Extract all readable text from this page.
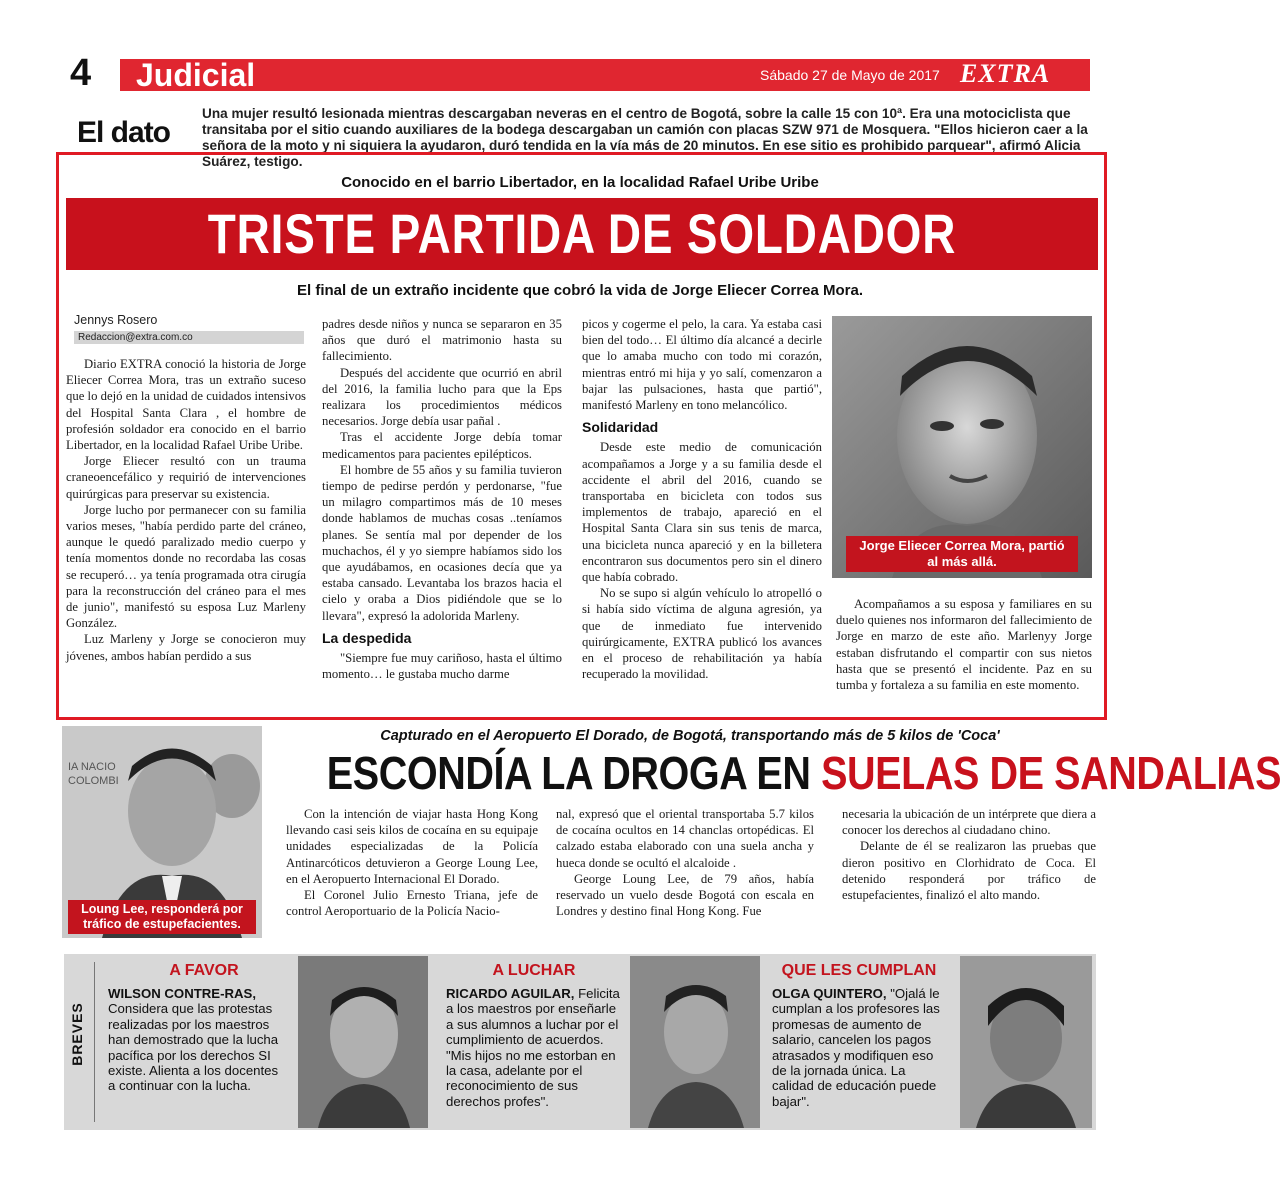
4	Judicial	Sábado 27 de Mayo de 2017 EXTRA
El dato
Una mujer resultó lesionada mientras descargaban neveras en el centro de Bogotá, sobre la calle 15 con 10ª. Era una motociclista que transitaba por el sitio cuando auxiliares de la bodega descargaban un camión con placas SZW 971 de Mosquera. "Ellos hicieron caer a la señora de la moto y ni siquiera la ayudaron, duró tendida en la vía más de 20 minutos. En ese sitio es prohibido parquear", afirmó Alicia Suárez, testigo.
Conocido en el barrio Libertador, en la localidad Rafael Uribe Uribe
TRISTE PARTIDA DE SOLDADOR
El final de un extraño incidente que cobró la vida de Jorge Eliecer Correa Mora.
Jennys Rosero
Redaccion@extra.com.co

Diario EXTRA conoció la historia de Jorge Eliecer Correa Mora, tras un extraño suceso que lo dejó en la unidad de cuidados intensivos del Hospital Santa Clara , el hombre de profesión soldador era conocido en el barrio Libertador, en la localidad Rafael Uribe Uribe.

Jorge Eliecer resultó con un trauma craneoencefálico y requirió de intervenciones quirúrgicas para preservar su existencia.

Jorge lucho por permanecer con su familia varios meses, "había perdido parte del cráneo, aunque le quedó paralizado medio cuerpo y tenía momentos donde no recordaba las cosas se recuperó… ya tenía programada otra cirugía para la reconstrucción del cráneo para el mes de junio", manifestó su esposa Luz Marleny González.

Luz Marleny y Jorge se conocieron muy jóvenes, ambos habían perdido a sus

padres desde niños y nunca se separaron en 35 años que duró el matrimonio hasta su fallecimiento.

Después del accidente que ocurrió en abril del 2016, la familia lucho para que la Eps realizara los procedimientos médicos necesarios. Jorge debía usar pañal .

Tras el accidente Jorge debía tomar medicamentos para pacientes epilépticos.

El hombre de 55 años y su familia tuvieron tiempo de pedirse perdón y perdonarse, "fue un milagro compartimos más de 10 meses donde hablamos de muchas cosas ..teníamos planes. Se sentía mal por depender de los muchachos, él y yo siempre habíamos sido los que ayudábamos, en ocasiones decía que ya estaba cansado. Levantaba los brazos hacia el cielo y oraba a Dios pidiéndole que se lo llevara", expresó la adolorida Marleny.

La despedida

"Siempre fue muy cariñoso, hasta el último momento… le gustaba mucho darme

picos y cogerme el pelo, la cara. Ya estaba casi bien del todo… El último día alcancé a decirle que lo amaba mucho con todo mi corazón, mientras entró mi hija y yo salí, comenzaron a bajar las pulsaciones, hasta que partió", manifestó Marleny en tono melancólico.

Solidaridad

Desde este medio de comunicación acompañamos a Jorge y a su familia desde el accidente el abril del 2016, cuando se transportaba en bicicleta con todos sus implementos de trabajo, apareció en el Hospital Santa Clara sin sus tenis de marca, una bicicleta nunca apareció y en la billetera encontraron sus documentos pero sin el dinero que había cobrado.

No se supo si algún vehículo lo atropelló o si había sido víctima de alguna agresión, ya que de inmediato fue intervenido quirúrgicamente, EXTRA publicó los avances en el proceso de rehabilitación ya había recuperado la movilidad.

Jorge Eliecer Correa Mora, partió al más allá.

Acompañamos a su esposa y familiares en su duelo quienes nos informaron del fallecimiento de Jorge en marzo de este año. Marlenyy Jorge estaban disfrutando el compartir con sus nietos hasta que se presentó el incidente. Paz en su tumba y fortaleza a su familia en este momento.

IA NACIO COLOMBI
Loung Lee, responderá por tráfico de estupefacientes.
Capturado en el Aeropuerto El Dorado, de Bogotá, transportando más de 5 kilos de 'Coca'
ESCONDÍA LA DROGA EN SUELAS DE SANDALIAS

Con la intención de viajar hasta Hong Kong llevando casi seis kilos de cocaína en su equipaje unidades especializadas de la Policía Antinarcóticos detuvieron a George Loung Lee, en el Aeropuerto Internacional El Dorado.

El Coronel Julio Ernesto Triana, jefe de control Aeroportuario de la Policía Nacio-

nal, expresó que el oriental transportaba 5.7 kilos de cocaína ocultos en 14 chanclas ortopédicas. El calzado estaba elaborado con una suela ancha y hueca donde se ocultó el alcaloide .

George Loung Lee, de 79 años, había reservado un vuelo desde Bogotá con escala en Londres y destino final Hong Kong. Fue

necesaria la ubicación de un intérprete que diera a conocer los derechos al ciudadano chino.

Delante de él se realizaron las pruebas que dieron positivo en Clorhidrato de Coca. El detenido responderá por tráfico de estupefacientes, finalizó el alto mando.

BREVES
A FAVOR
WILSON CONTRE-RAS, Considera que las protestas realizadas por los maestros han demostrado que la lucha pacífica por los derechos SI existe. Alienta a los docentes a continuar con la lucha.
A LUCHAR
RICARDO AGUILAR, Felicita a los maestros por enseñarle a sus alumnos a luchar por el cumplimiento de acuerdos. "Mis hijos no me estorban en la casa, adelante por el reconocimiento de sus derechos profes".
QUE LES CUMPLAN
OLGA QUINTERO, "Ojalá le cumplan a los profesores las promesas de aumento de salario, cancelen los pagos atrasados y modifiquen eso de la jornada única. La calidad de educación puede bajar".
